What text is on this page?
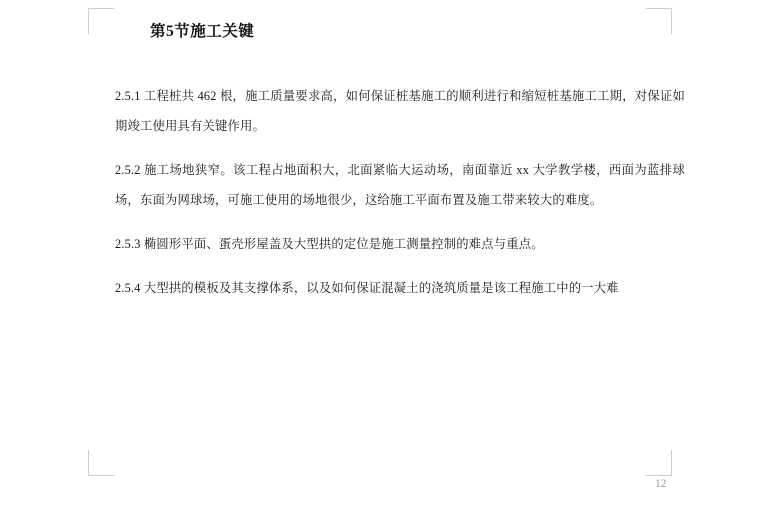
第5节施工关键

2.5.1 工程桩共 462 根，施工质量要求高，如何保证桩基施工的顺利进行和缩短桩基施工工期，对保证如期竣工使用具有关键作用。

2.5.2 施工场地狭窄。该工程占地面积大，北面紧临大运动场，南面靠近 xx 大学教学楼，西面为蓝排球场，东面为网球场，可施工使用的场地很少，这给施工平面布置及施工带来较大的难度。

2.5.3 椭圆形平面、蛋壳形屋盖及大型拱的定位是施工测量控制的难点与重点。

2.5.4 大型拱的模板及其支撑体系，以及如何保证混凝土的浇筑质量是该工程施工中的一大难

12
